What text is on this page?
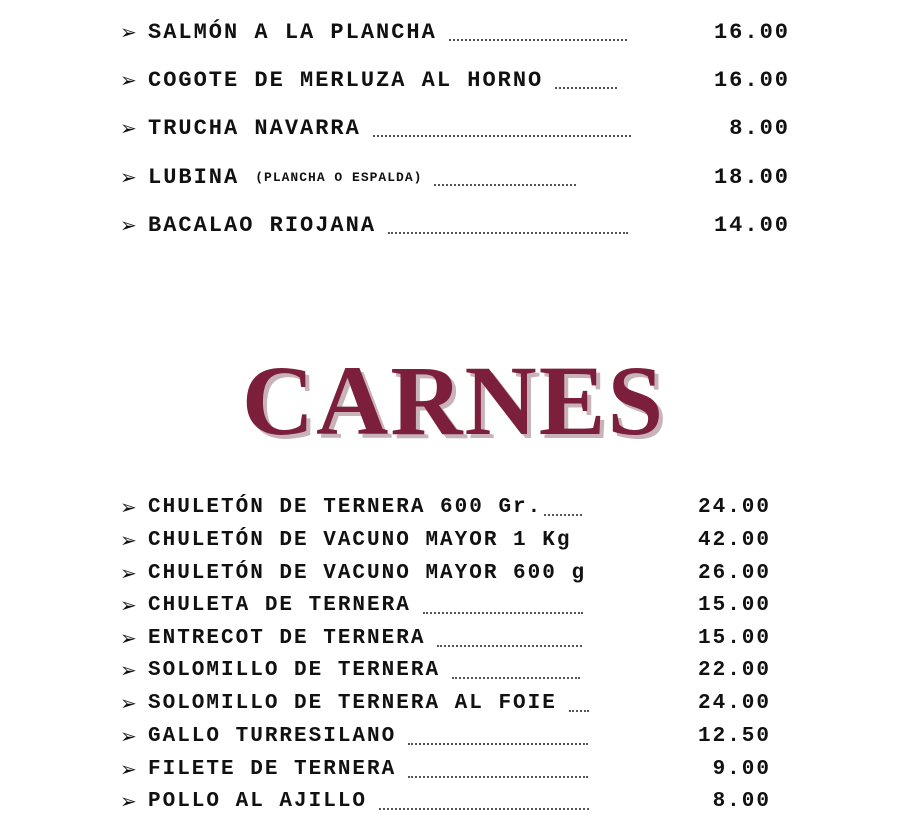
➢ SALMÓN A LA PLANCHA	16.00
➢ COGOTE DE MERLUZA AL HORNO	16.00
➢ TRUCHA NAVARRA	8.00
➢ LUBINA (PLANCHA O ESPALDA)	18.00
➢ BACALAO RIOJANA	14.00
CARNES
➢ CHULETÓN DE TERNERA 600 Gr.	24.00
➢ CHULETÓN DE VACUNO MAYOR 1 Kg	42.00
➢ CHULETÓN DE VACUNO MAYOR 600 g	26.00
➢ CHULETA DE TERNERA	15.00
➢ ENTRECOT DE TERNERA	15.00
➢ SOLOMILLO DE TERNERA	22.00
➢ SOLOMILLO DE TERNERA AL FOIE	24.00
➢ GALLO TURRESILANO	12.50
➢ FILETE DE TERNERA	9.00
➢ POLLO AL AJILLO	8.00
